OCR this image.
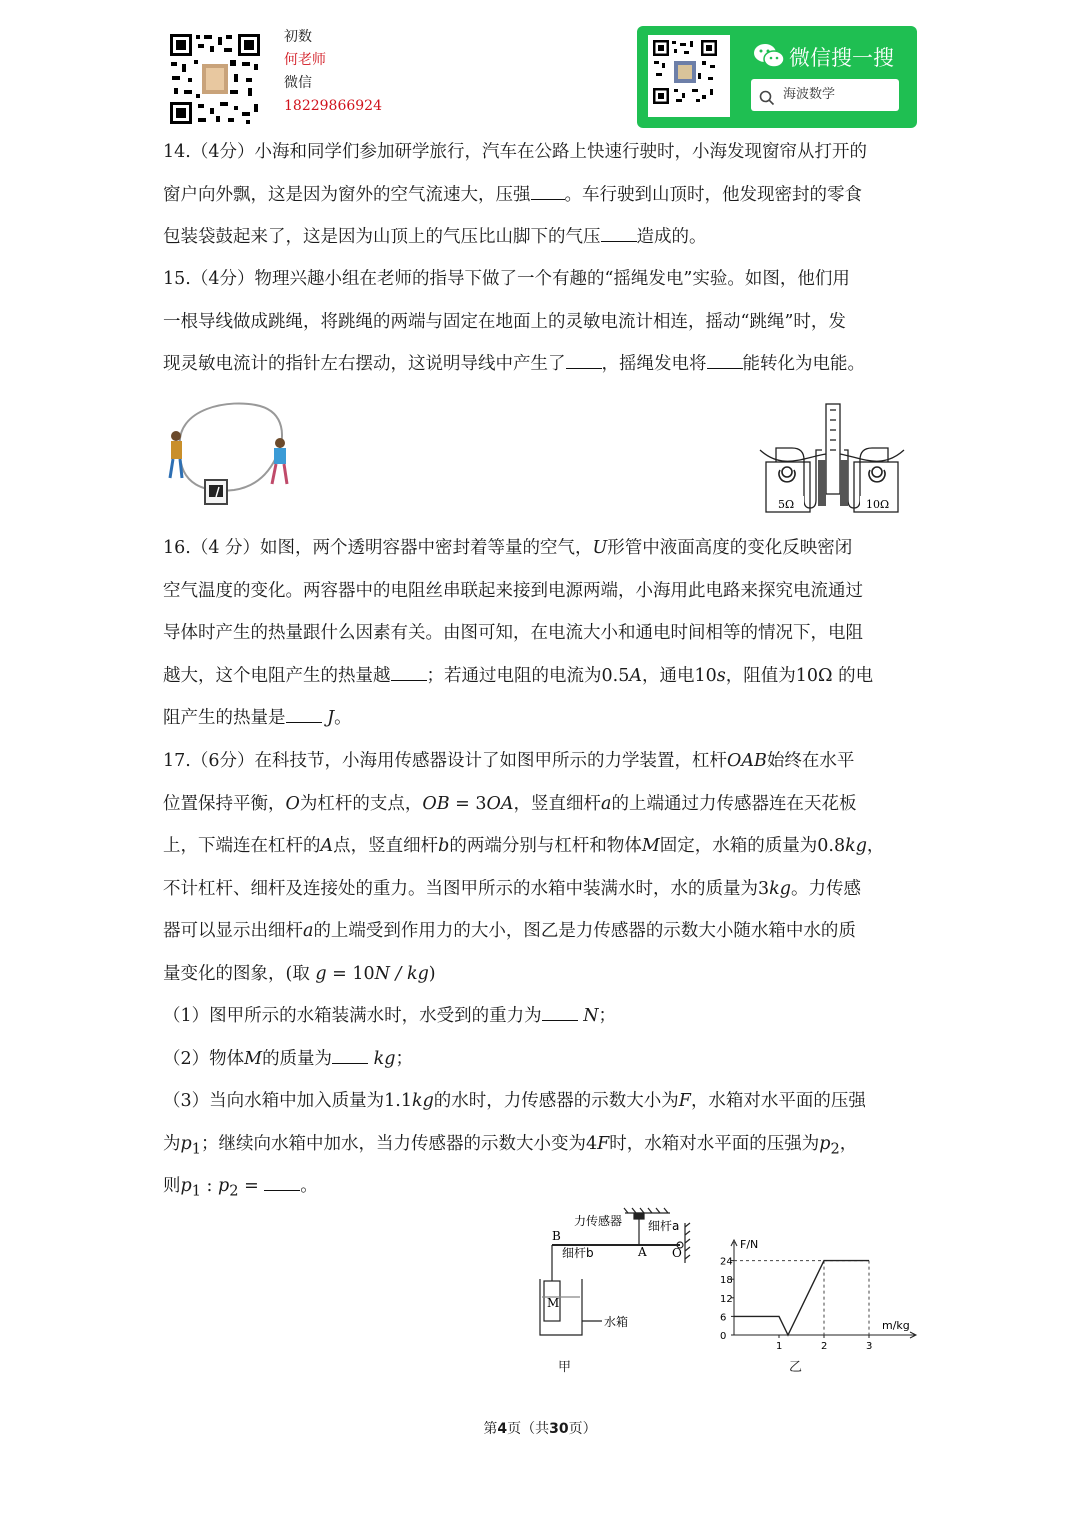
初数
何老师
微信
18229866924
微信搜一搜
海波数学
14.（4分）小海和同学们参加研学旅行，汽车在公路上快速行驶时，小海发现窗帘从打开的
窗户向外飘，这是因为窗外的空气流速大，压强 。车行驶到山顶时，他发现密封的零食
包装袋鼓起来了，这是因为山顶上的气压比山脚下的气压 造成的。
15.（4分）物理兴趣小组在老师的指导下做了一个有趣的“摇绳发电”实验。如图，他们用
一根导线做成跳绳，将跳绳的两端与固定在地面上的灵敏电流计相连，摇动“跳绳”时，发
现灵敏电流计的指针左右摆动，这说明导线中产生了 ，摇绳发电将 能转化为电能。
5Ω	10Ω
16.（4 分）如图，两个透明容器中密封着等量的空气，U形管中液面高度的变化反映密闭
空气温度的变化。两容器中的电阻丝串联起来接到电源两端，小海用此电路来探究电流通过
导体时产生的热量跟什么因素有关。由图可知，在电流大小和通电时间相等的情况下，电阻
越大，这个电阻产生的热量越 ；若通过电阻的电流为0.5A，通电10s，阻值为10Ω 的电
阻产生的热量是 J。
17.（6分）在科技节，小海用传感器设计了如图甲所示的力学装置，杠杆OAB始终在水平
位置保持平衡，O为杠杆的支点，OB = 3OA，竖直细杆a的上端通过力传感器连在天花板
上，下端连在杠杆的A点，竖直细杆b的两端分别与杠杆和物体M固定，水箱的质量为0.8kg，
不计杠杆、细杆及连接处的重力。当图甲所示的水箱中装满水时，水的质量为3kg。力传感
器可以显示出细杆a的上端受到作用力的大小，图乙是力传感器的示数大小随水箱中水的质
量变化的图象，(取 g = 10N / kg)
（1）图甲所示的水箱装满水时，水受到的重力为 N；
（2）物体M的质量为 kg；
（3）当向水箱中加入质量为1.1kg的水时，力传感器的示数大小为F，水箱对水平面的压强
为$p_1$；继续向水箱中加水，当力传感器的示数大小变为4F时，水箱对水平面的压强为$p_2$，
则$p_1$ : $p_2$ = 。
力传感器 细杆a
细杆b
B
A O
M
水箱
甲
F/N
m/kg
0
6
12
18
24
1	2	3
乙
第4页（共30页）
